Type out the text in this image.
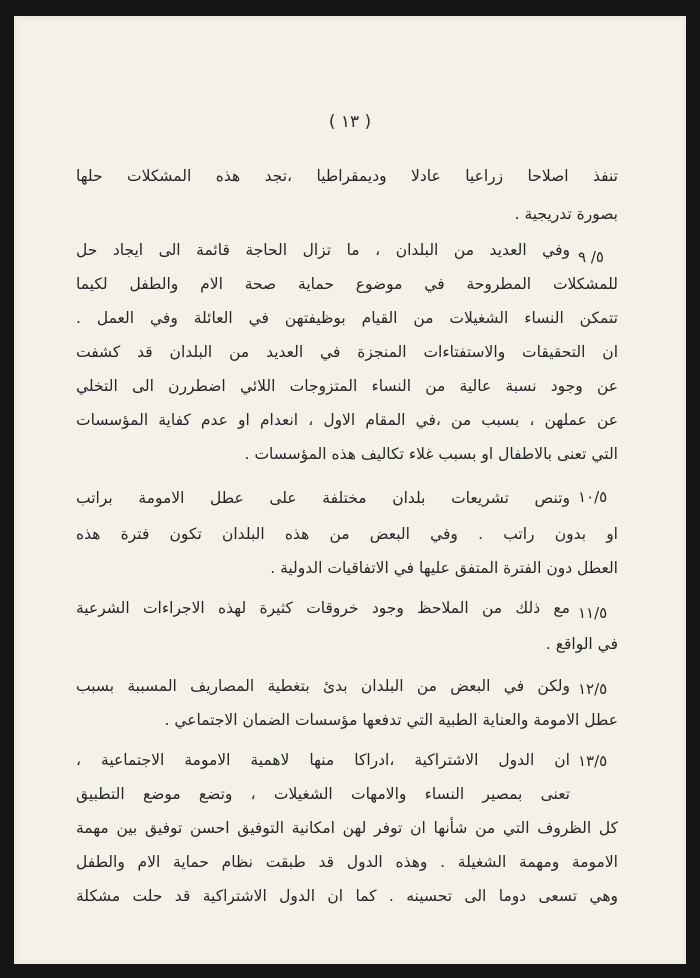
( ١٣ )
تنفذ اصلاحا زراعيا عادلا وديمقراطيا ،تجد هذه المشكلات حلها
بصورة تدريجية .
٥/ ٩
وفي العديد من البلدان ، ما تزال الحاجة قائمة الى ايجاد حل
للمشكلات المطروحة في موضوع حماية صحة الام والطفل لكيما
تتمكن النساء الشغيلات من القيام بوظيفتهن في العائلة وفي العمل .
ان التحقيقات والاستفتاءات المنجزة في العديد من البلدان قد كشفت
عن وجود نسبة عالية من النساء المتزوجات اللائي اضطررن الى التخلي
عن عملهن ، بسبب من ،في المقام الاول ، انعدام او عدم كفاية المؤسسات
التي تعنى بالاطفال او بسبب غلاء تكاليف هذه المؤسسات .
١٠/٥
وتنص تشريعات بلدان مختلفة على عطل الامومة براتب
او بدون راتب . وفي البعض من هذه البلدان تكون فترة هذه
العطل دون الفترة المتفق عليها في الاتفاقيات الدولية .
١١/٥
مع ذلك من الملاحظ وجود خروقات كثيرة لهذه الاجراءات الشرعية
في الواقع .
١٢/٥
ولكن في البعض من البلدان بدئ بتغطية المصاريف المسببة بسبب
عطل الامومة والعناية الطبية التي تدفعها مؤسسات الضمان الاجتماعي .
١٣/٥
ان الدول الاشتراكية ،ادراكا منها لاهمية الامومة الاجتماعية ،
تعنى بمصير النساء والامهات الشغيلات ، وتضع موضع التطبيق
كل الظروف التي من شأنها ان توفر لهن امكانية التوفيق احسن توفيق بين مهمة
الامومة ومهمة الشغيلة . وهذه الدول قد طبقت نظام حماية الام والطفل
وهي تسعى دوما الى تحسينه . كما ان الدول الاشتراكية قد حلت مشكلة
